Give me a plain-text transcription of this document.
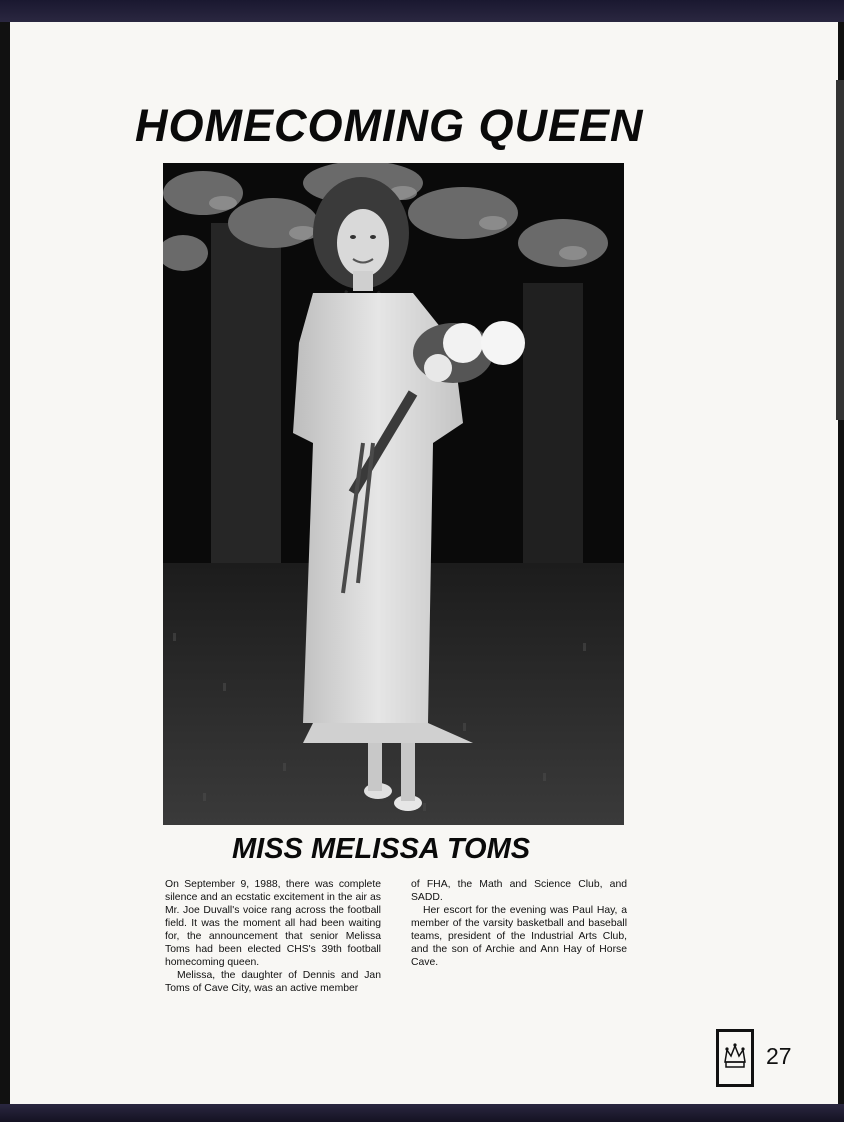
HOMECOMING QUEEN
MISS MELISSA TOMS

On September 9, 1988, there was complete silence and an ecstatic excitement in the air as Mr. Joe Duvall's voice rang across the football field. It was the moment all had been waiting for, the announcement that senior Melissa Toms had been elected CHS's 39th football homecoming queen.

Melissa, the daughter of Dennis and Jan Toms of Cave City, was an active member

of FHA, the Math and Science Club, and SADD.

Her escort for the evening was Paul Hay, a member of the varsity basketball and baseball teams, president of the Industrial Arts Club, and the son of Archie and Ann Hay of Horse Cave.

27
